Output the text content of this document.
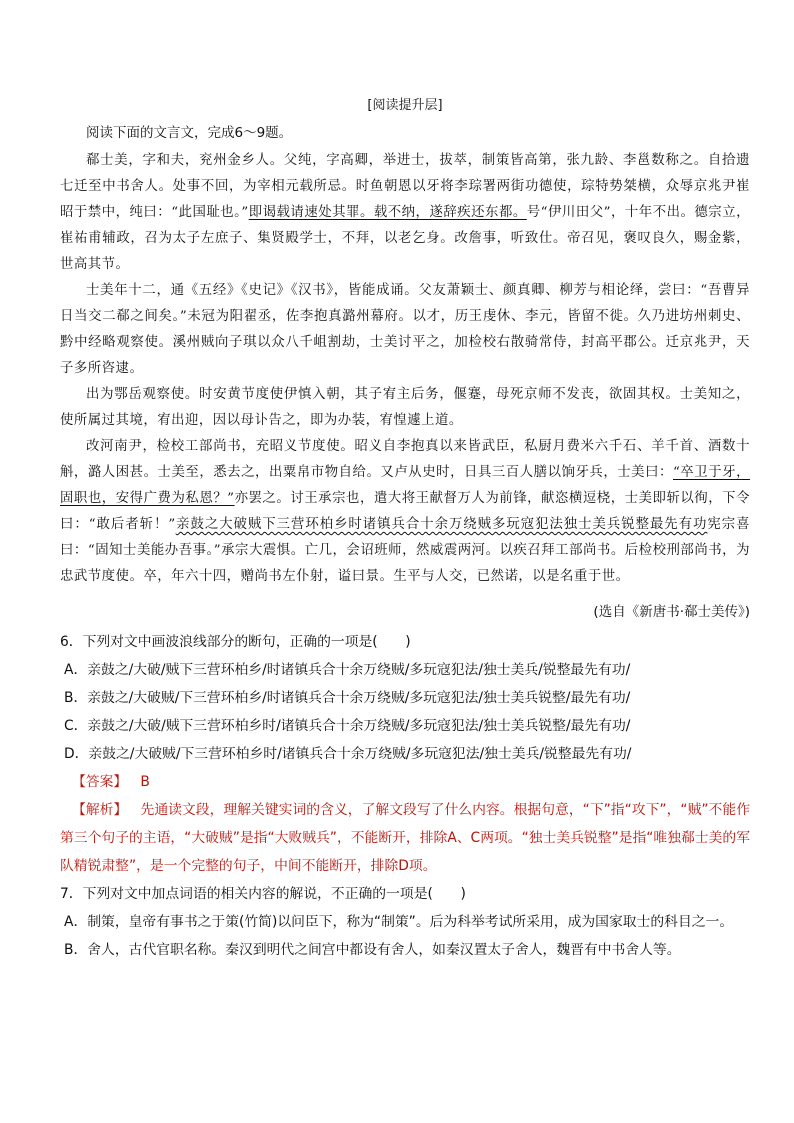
[阅读提升层]
阅读下面的文言文，完成6～9题。

郗士美，字和夫，兖州金乡人。父纯，字高卿，举进士，拔萃，制策皆高第，张九龄、李邕数称之。自拾遗七迁至中书舍人。处事不回，为宰相元载所忌。时鱼朝恩以牙将李琮署两街功德使，琮特势桀横，众辱京兆尹崔昭于禁中，纯曰：“此国耻也。”即谒载请速处其罪。载不纳，遂辞疾还东都。号“伊川田父”，十年不出。德宗立，崔祐甫辅政，召为太子左庶子、集贤殿学士，不拜，以老乞身。改詹事，听致仕。帝召见，褒叹良久，赐金紫，世高其节。

士美年十二，通《五经》《史记》《汉书》，皆能成诵。父友萧颖士、颜真卿、柳芳与相论绎，尝曰：“吾曹异日当交二郗之间矣。”未冠为阳翟丞，佐李抱真潞州幕府。以才，历王虔休、李元，皆留不徙。久乃进坊州刺史、黔中经略观察使。溪州贼向子琪以众八千岨割劫，士美讨平之，加检校右散骑常侍，封高平郡公。迁京兆尹，天子多所咨逮。

出为鄂岳观察使。时安黄节度使伊慎入朝，其子宥主后务，偃蹇，母死京师不发丧，欲固其权。士美知之，使所属过其境，宥出迎，因以母讣告之，即为办装，宥惶遽上道。

改河南尹，检校工部尚书，充昭义节度使。昭义自李抱真以来皆武臣，私厨月费米六千石、羊千首、酒数十斛，潞人困甚。士美至，悉去之，出粟帛市物自给。又卢从史时，日具三百人膳以饷牙兵，士美曰：“卒卫于牙，固职也，安得广费为私恩？”亦罢之。讨王承宗也，遣大将王献督万人为前锋，献恣横逗桡，士美即斩以徇，下令曰：“敢后者斩！”亲鼓之大破贼下三营环柏乡时诸镇兵合十余万绕贼多玩寇犯法独士美兵锐整最先有功宪宗喜曰：“固知士美能办吾事。”承宗大震惧。亡几，会诏班师，然威震两河。以疾召拜工部尚书。后检校刑部尚书，为忠武节度使。卒，年六十四，赠尚书左仆射，谥曰景。生平与人交，已然诺，以是名重于世。

(选自《新唐书·郗士美传》)

6．下列对文中画波浪线部分的断句，正确的一项是(　　)

A．亲鼓之/大破/贼下三营环柏乡/时诸镇兵合十余万绕贼/多玩寇犯法/独士美兵/锐整最先有功/

B．亲鼓之/大破贼/下三营环柏乡/时诸镇兵合十余万绕贼/多玩寇犯法/独士美兵锐整/最先有功/

C．亲鼓之/大破/贼下三营环柏乡时/诸镇兵合十余万绕贼/多玩寇犯法/独士美兵锐整/最先有功/

D．亲鼓之/大破贼/下三营环柏乡时/诸镇兵合十余万绕贼/多玩寇犯法/独士美兵/锐整最先有功/

【答案】 B

【解析】 先通读文段，理解关键实词的含义，了解文段写了什么内容。根据句意，“下”指“攻下”，“贼”不能作第三个句子的主语，“大破贼”是指“大败贼兵”，不能断开，排除A、C两项。“独士美兵锐整”是指“唯独郗士美的军队精锐肃整”，是一个完整的句子，中间不能断开，排除D项。

7．下列对文中加点词语的相关内容的解说，不正确的一项是(　　)

A．制策，皇帝有事书之于策(竹简)以问臣下，称为“制策”。后为科举考试所采用，成为国家取士的科目之一。

B．舍人，古代官职名称。秦汉到明代之间宫中都设有舍人，如秦汉置太子舍人，魏晋有中书舍人等。
